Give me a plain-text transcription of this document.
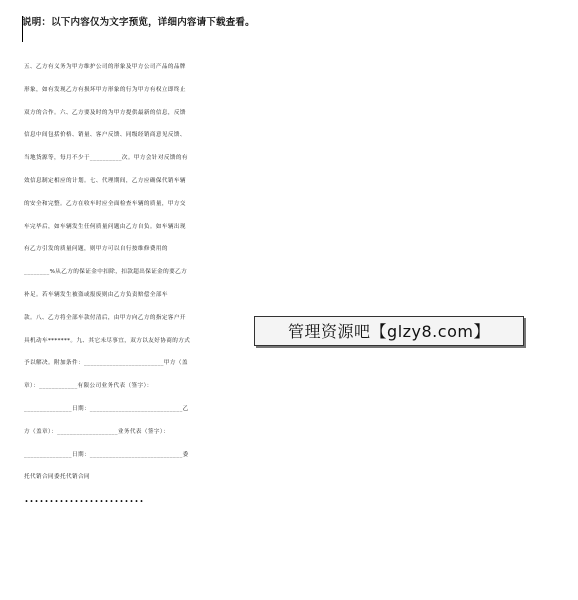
说明：以下内容仅为文字预览，详细内容请下载查看。
五、乙方有义务为甲方维护公司的形象及甲方公司产品的品牌
形象，如有发现乙方有损坏甲方形象的行为甲方有权立即终止
双方的合作。六、乙方要及时的为甲方提供最新的信息，反馈
信息中间包括价格、销量、客户反馈、同级经销商意见反馈、
当地货源等，每月不少于__________次。甲方会针对反馈的有
效信息制定相应的计划。七、代理期间，乙方应确保代销车辆
的安全和完整。乙方在收车时应全面检查车辆的质量，甲方交
车完毕后，如车辆发生任何质量问题由乙方自负。如车辆出现
有乙方引发的质量问题，则甲方可以自行按维修费用的
________%从乙方的保证金中扣除，扣款超出保证金的要乙方
补足。若车辆发生被盗或报废则由乙方负责赔偿全部车
款。八、乙方将全部车款付清后，由甲方向乙方的指定客户开
具机动车*******。九、其它未尽事宜，双方以友好协商的方式
予以解决。附加条件：_________________________甲方（盖
章）：____________有限公司业务代表（签字）：
_______________日期：_____________________________乙
方（盖章）：___________________业务代表（签字）：
_______________日期：_____________________________委
托代销合同委托代销合同
……………………
管理资源吧【glzy8.com】
